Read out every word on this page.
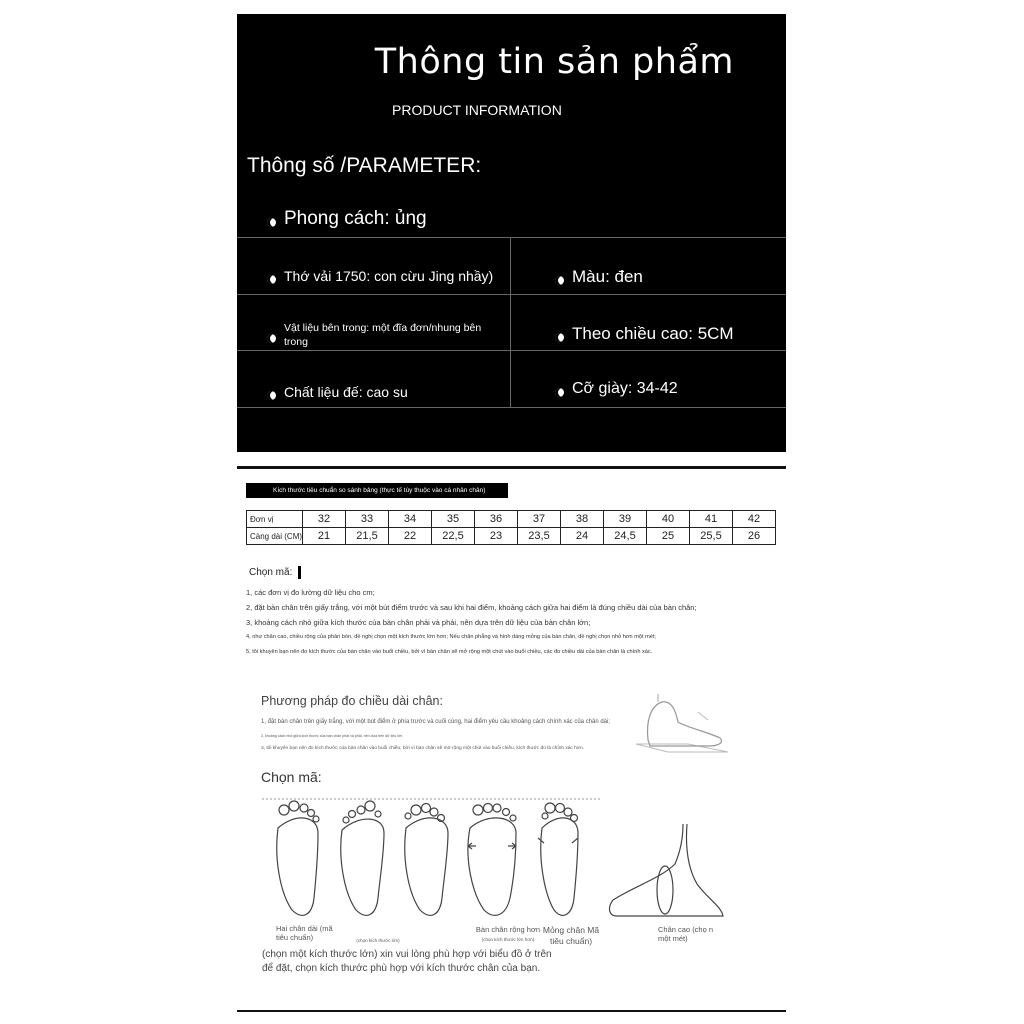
Thông tin sản phẩm
PRODUCT INFORMATION
Thông số /PARAMETER:
Phong cách: ủng
Thớ vải 1750: con cừu Jing nhầy)	Màu: đen
Vật liệu bên trong: một đĩa đơn/nhung bên trong	Theo chiều cao: 5CM
Chất liệu đế: cao su	Cỡ giày: 34-42
Kích thước tiêu chuẩn so sánh bảng (thực tế tùy thuộc vào cá nhân chân)
Đơn vị	32	33	34	35	36	37	38	39	40	41	42
Càng dài (CM)	21	21,5	22	22,5	23	23,5	24	24,5	25	25,5	26
Chọn mã:
1, các đơn vị đo lường dữ liệu cho cm;
2, đặt bàn chân trên giấy trắng, với một bút điểm trước và sau khi hai điểm, khoảng cách giữa hai điểm là đúng chiều dài của bàn chân;
3, khoảng cách nhỏ giữa kích thước của bàn chân phải và phải, nên dựa trên dữ liệu của bàn chân lớn;
4, như chân cao, chiều rộng của phân bón, đề nghị chọn một kích thước lớn hơn; Nếu chân phẳng và hình dáng mỏng của bàn chân, đề nghị chọn nhỏ hơn một mét;
5, tôi khuyên bạn nên đo kích thước của bàn chân vào buổi chiều, bởi vì bàn chân sẽ mở rộng một chút vào buổi chiều, các đo chiều dài của bàn chân là chính xác.
Phương pháp đo chiều dài chân:
1, đặt bàn chân trên giấy trắng, với một bút điểm ở phía trước và cuối cùng, hai điểm yêu cầu khoảng cách chính xác của chân dài;
2, khoảng cách nhỏ giữa kích thước của bàn chân phải và phải, nên dựa trên dữ liệu lớn
3, tôi khuyên bạn nên đo kích thước của bàn chân vào buổi chiều, bởi vì bàn chân sẽ mở rộng một chút vào buổi chiều, kích thước đo là chính xác hơn.
Chọn mã:
Hai chân dài (mã tiêu chuẩn)	(chọn kích thước lớn)
Bàn chân rộng hơn
(chọn kích thước lớn hơn)
Mỏng chân Mã tiêu chuẩn)
Chân cao (chọ n một mét)
(chọn một kích thước lớn) xin vui lòng phù hợp với biểu đồ ở trên để đặt, chọn kích thước phù hợp với kích thước chân của bạn.
